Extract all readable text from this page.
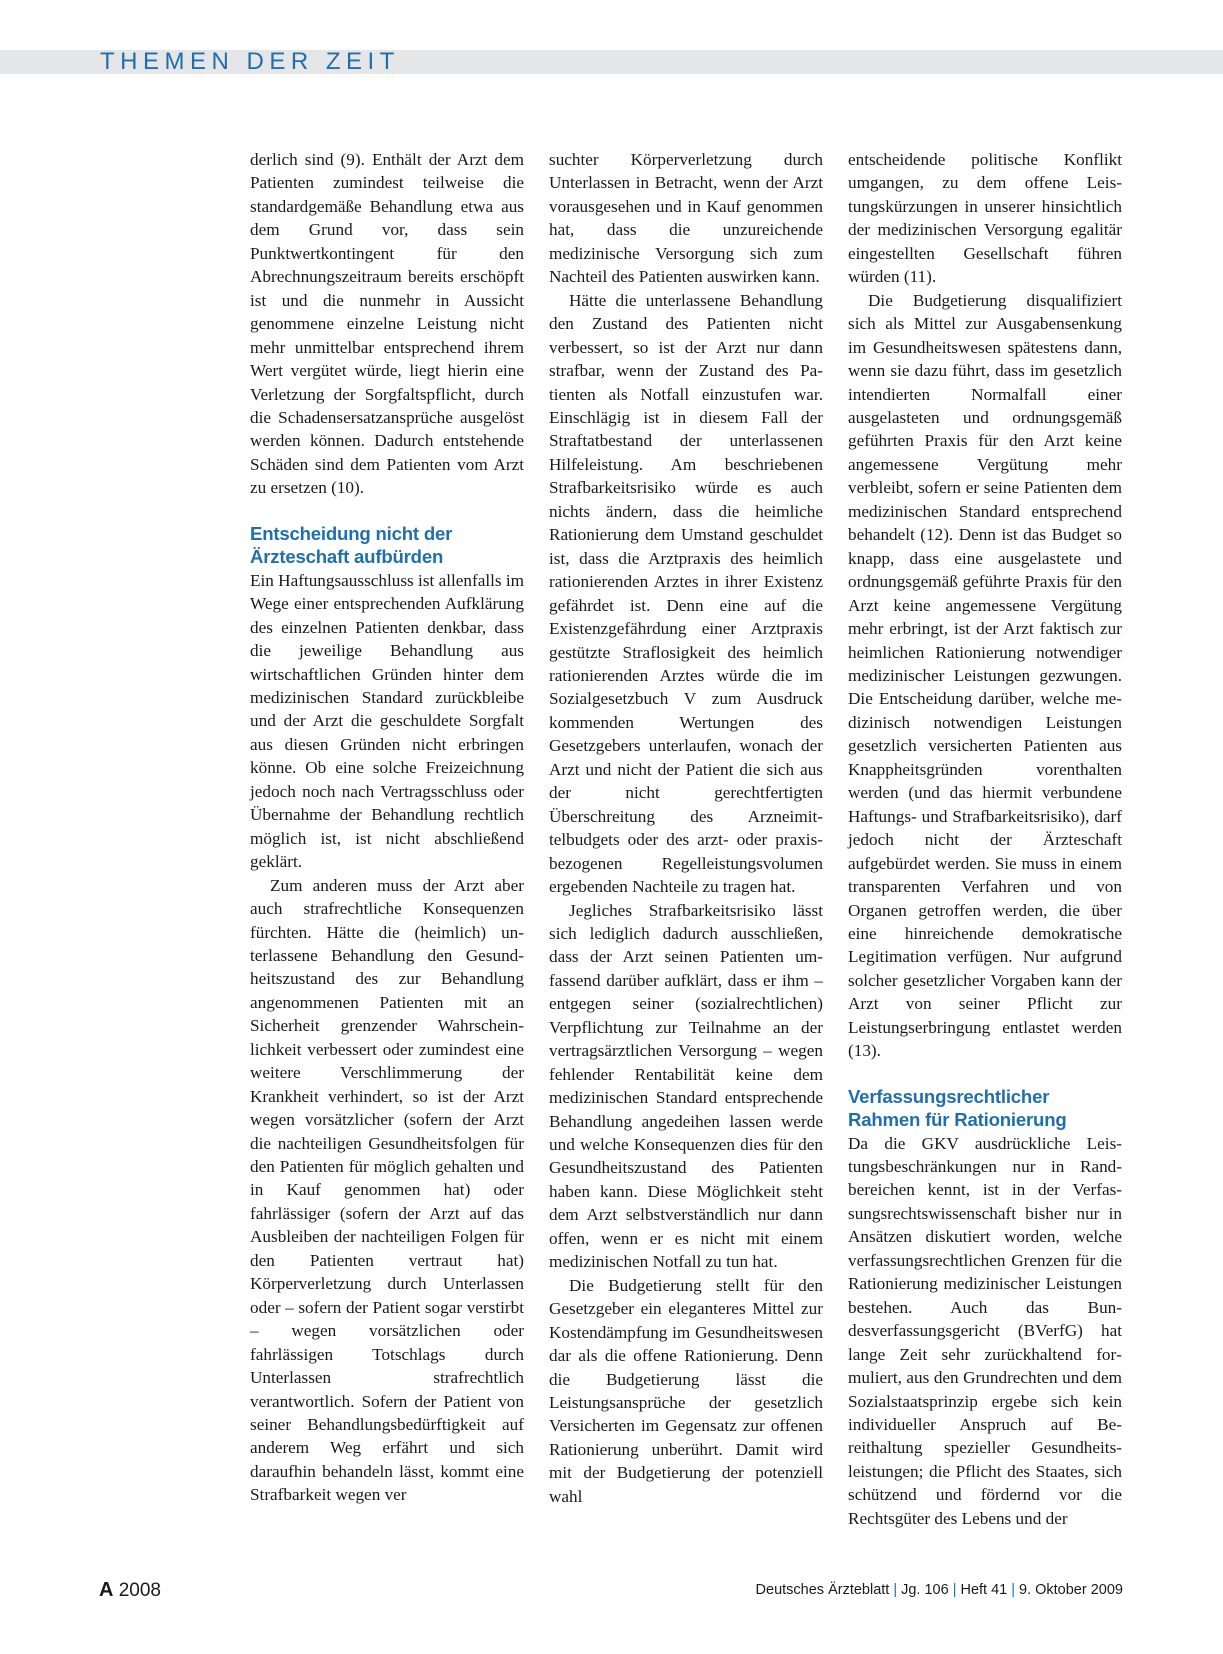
THEMEN DER ZEIT

derlich sind (9). Enthält der Arzt dem Patienten zumindest teilweise die standardgemäße Behandlung etwa aus dem Grund vor, dass sein Punktwertkontingent für den Abrechnungszeitraum bereits erschöpft ist und die nunmehr in Aussicht genommene einzelne Leistung nicht mehr unmittelbar entsprechend ihrem Wert vergütet würde, liegt hierin eine Verletzung der Sorgfaltspflicht, durch die Schadensersatzansprüche ausgelöst werden können. Dadurch entstehende Schäden sind dem Patienten vom Arzt zu ersetzen (10).

Entscheidung nicht der
Ärzteschaft aufbürden

Ein Haftungsausschluss ist allenfalls im Wege einer entsprechenden Aufklärung des einzelnen Patienten denkbar, dass die jeweilige Behandlung aus wirtschaftlichen Gründen hinter dem medizinischen Standard zurückbleibe und der Arzt die geschuldete Sorgfalt aus diesen Gründen nicht erbringen könne. Ob eine solche Freizeichnung jedoch noch nach Vertragsschluss oder Übernahme der Behandlung rechtlich möglich ist, ist nicht abschließend geklärt.

Zum anderen muss der Arzt aber auch strafrechtliche Konsequenzen fürchten. Hätte die (heimlich) unterlassene Behandlung den Gesundheitszustand des zur Behandlung angenommenen Patienten mit an Sicherheit grenzender Wahrscheinlichkeit verbessert oder zumindest eine weitere Verschlimmerung der Krankheit verhindert, so ist der Arzt wegen vorsätzlicher (sofern der Arzt die nachteiligen Gesundheitsfolgen für den Patienten für möglich gehalten und in Kauf genommen hat) oder fahrlässiger (sofern der Arzt auf das Ausbleiben der nachteiligen Folgen für den Patienten vertraut hat) Körperverletzung durch Unterlassen oder – sofern der Patient sogar verstirbt – wegen vorsätzlichen oder fahrlässigen Totschlags durch Unterlassen strafrechtlich verantwortlich. Sofern der Patient von seiner Behandlungsbedürftigkeit auf anderem Weg erfährt und sich daraufhin behandeln lässt, kommt eine Strafbarkeit wegen ver

suchter Körperverletzung durch Unterlassen in Betracht, wenn der Arzt vorausgesehen und in Kauf genommen hat, dass die unzureichende medizinische Versorgung sich zum Nachteil des Patienten auswirken kann.

Hätte die unterlassene Behandlung den Zustand des Patienten nicht verbessert, so ist der Arzt nur dann strafbar, wenn der Zustand des Patienten als Notfall einzustufen war. Einschlägig ist in diesem Fall der Straftatbestand der unterlassenen Hilfeleistung. Am beschriebenen Strafbarkeitsrisiko würde es auch nichts ändern, dass die heimliche Rationierung dem Umstand geschuldet ist, dass die Arztpraxis des heimlich rationierenden Arztes in ihrer Existenz gefährdet ist. Denn eine auf die Existenzgefährdung einer Arztpraxis gestützte Straflosigkeit des heimlich rationierenden Arztes würde die im Sozialgesetzbuch V zum Ausdruck kommenden Wertungen des Gesetzgebers unterlaufen, wonach der Arzt und nicht der Patient die sich aus der nicht gerechtfertigten Überschreitung des Arzneimittelbudgets oder des arzt- oder praxisbezogenen Regelleistungsvolumen ergebenden Nachteile zu tragen hat.

Jegliches Strafbarkeitsrisiko lässt sich lediglich dadurch ausschließen, dass der Arzt seinen Patienten umfassend darüber aufklärt, dass er ihm – entgegen seiner (sozialrechtlichen) Verpflichtung zur Teilnahme an der vertragsärztlichen Versorgung – wegen fehlender Rentabilität keine dem medizinischen Standard entsprechende Behandlung angedeihen lassen werde und welche Konsequenzen dies für den Gesundheitszustand des Patienten haben kann. Diese Möglichkeit steht dem Arzt selbstverständlich nur dann offen, wenn er es nicht mit einem medizinischen Notfall zu tun hat.

Die Budgetierung stellt für den Gesetzgeber ein eleganteres Mittel zur Kostendämpfung im Gesundheitswesen dar als die offene Rationierung. Denn die Budgetierung lässt die Leistungsansprüche der gesetzlich Versicherten im Gegensatz zur offenen Rationierung unberührt. Damit wird mit der Budgetierung der potenziell wahl

entscheidende politische Konflikt umgangen, zu dem offene Leistungskürzungen in unserer hinsichtlich der medizinischen Versorgung egalitär eingestellten Gesellschaft führen würden (11).

Die Budgetierung disqualifiziert sich als Mittel zur Ausgabensenkung im Gesundheitswesen spätestens dann, wenn sie dazu führt, dass im gesetzlich intendierten Normalfall einer ausgelasteten und ordnungsgemäß geführten Praxis für den Arzt keine angemessene Vergütung mehr verbleibt, sofern er seine Patienten dem medizinischen Standard entsprechend behandelt (12). Denn ist das Budget so knapp, dass eine ausgelastete und ordnungsgemäß geführte Praxis für den Arzt keine angemessene Vergütung mehr erbringt, ist der Arzt faktisch zur heimlichen Rationierung notwendiger medizinischer Leistungen gezwungen. Die Entscheidung darüber, welche medizinisch notwendigen Leistungen gesetzlich versicherten Patienten aus Knappheitsgründen vorenthalten werden (und das hiermit verbundene Haftungs- und Strafbarkeitsrisiko), darf jedoch nicht der Ärzteschaft aufgebürdet werden. Sie muss in einem transparenten Verfahren und von Organen getroffen werden, die über eine hinreichende demokratische Legitimation verfügen. Nur aufgrund solcher gesetzlicher Vorgaben kann der Arzt von seiner Pflicht zur Leistungserbringung entlastet werden (13).

Verfassungsrechtlicher
Rahmen für Rationierung

Da die GKV ausdrückliche Leistungsbeschränkungen nur in Randbereichen kennt, ist in der Verfassungsrechtswissenschaft bisher nur in Ansätzen diskutiert worden, welche verfassungsrechtlichen Grenzen für die Rationierung medizinischer Leistungen bestehen. Auch das Bundesverfassungsgericht (BVerfG) hat lange Zeit sehr zurückhaltend formuliert, aus den Grundrechten und dem Sozialstaatsprinzip ergebe sich kein individueller Anspruch auf Bereithaltung spezieller Gesundheitsleistungen; die Pflicht des Staates, sich schützend und fördernd vor die Rechtsgüter des Lebens und der

A 2008	Deutsches Ärzteblatt | Jg. 106 | Heft 41 | 9. Oktober 2009
